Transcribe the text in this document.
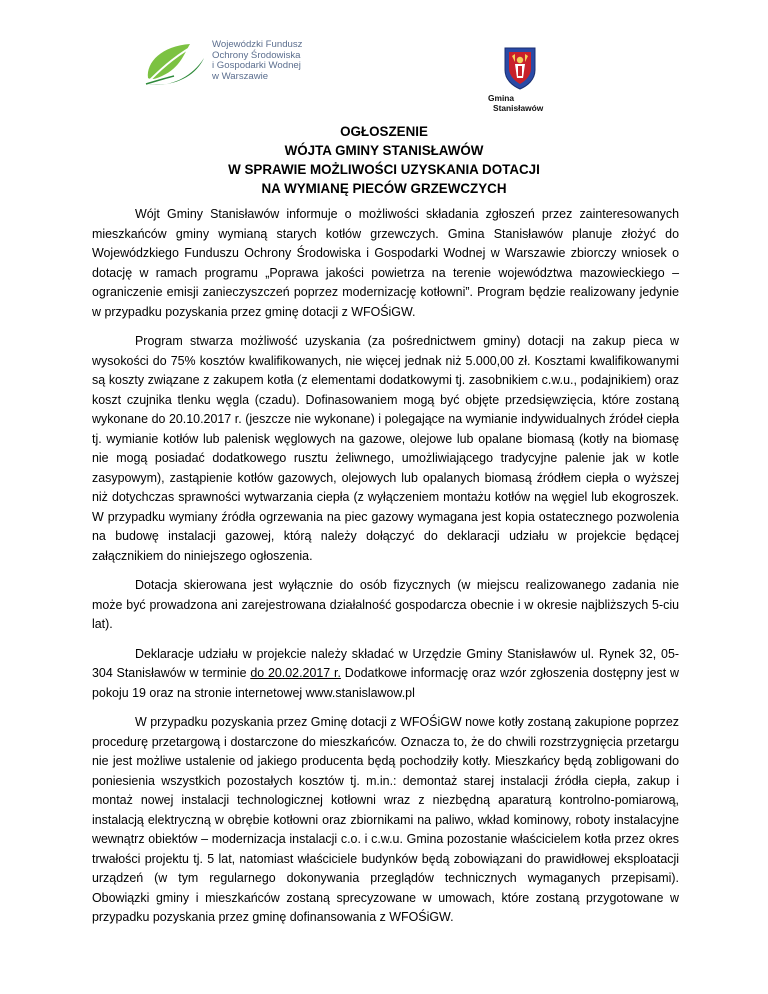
Wojewódzki Fundusz
Ochrony Środowiska
i Gospodarki Wodnej
w Warszawie
Gmina
Stanisławów
OGŁOSZENIE
WÓJTA GMINY STANISŁAWÓW
W SPRAWIE MOŻLIWOŚCI UZYSKANIA DOTACJI
NA WYMIANĘ PIECÓW GRZEWCZYCH

Wójt Gminy Stanisławów informuje o możliwości składania zgłoszeń przez zainteresowanych mieszkańców gminy wymianą starych kotłów grzewczych. Gmina Stanisławów planuje złożyć do Wojewódzkiego Funduszu Ochrony Środowiska i Gospodarki Wodnej w Warszawie zbiorczy wniosek o dotację w ramach programu „Poprawa jakości powietrza na terenie województwa mazowieckiego – ograniczenie emisji zanieczyszczeń poprzez modernizację kotłowni”. Program będzie realizowany jedynie w przypadku pozyskania przez gminę dotacji z WFOŚiGW.

Program stwarza możliwość uzyskania (za pośrednictwem gminy) dotacji na zakup pieca w wysokości do 75% kosztów kwalifikowanych, nie więcej jednak niż 5.000,00 zł. Kosztami kwalifikowanymi są koszty związane z zakupem kotła (z elementami dodatkowymi tj. zasobnikiem c.w.u., podajnikiem) oraz koszt czujnika tlenku węgla (czadu). Dofinasowaniem mogą być objęte przedsięwzięcia, które zostaną wykonane do 20.10.2017 r. (jeszcze nie wykonane) i polegające na wymianie indywidualnych źródeł ciepła tj. wymianie kotłów lub palenisk węglowych na gazowe, olejowe lub opalane biomasą (kotły na biomasę nie mogą posiadać dodatkowego rusztu żeliwnego, umożliwiającego tradycyjne palenie jak w kotle zasypowym), zastąpienie kotłów gazowych, olejowych lub opalanych biomasą źródłem ciepła o wyższej niż dotychczas sprawności wytwarzania ciepła (z wyłączeniem montażu kotłów na węgiel lub ekogroszek. W przypadku wymiany źródła ogrzewania na piec gazowy wymagana jest kopia ostatecznego pozwolenia na budowę instalacji gazowej, którą należy dołączyć do deklaracji udziału w projekcie będącej załącznikiem do niniejszego ogłoszenia.

Dotacja skierowana jest wyłącznie do osób fizycznych (w miejscu realizowanego zadania nie może być prowadzona ani zarejestrowana działalność gospodarcza obecnie i w okresie najbliższych 5-ciu lat).

Deklaracje udziału w projekcie należy składać w Urzędzie Gminy Stanisławów ul. Rynek 32, 05-304 Stanisławów w terminie do 20.02.2017 r. Dodatkowe informację oraz wzór zgłoszenia dostępny jest w pokoju 19 oraz na stronie internetowej www.stanislawow.pl

W przypadku pozyskania przez Gminę dotacji z WFOŚiGW nowe kotły zostaną zakupione poprzez procedurę przetargową i dostarczone do mieszkańców. Oznacza to, że do chwili rozstrzygnięcia przetargu nie jest możliwe ustalenie od jakiego producenta będą pochodziły kotły. Mieszkańcy będą zobligowani do poniesienia wszystkich pozostałych kosztów tj. m.in.: demontaż starej instalacji źródła ciepła, zakup i montaż nowej instalacji technologicznej kotłowni wraz z niezbędną aparaturą kontrolno-pomiarową, instalacją elektryczną w obrębie kotłowni oraz zbiornikami na paliwo, wkład kominowy, roboty instalacyjne wewnątrz obiektów – modernizacja instalacji c.o. i c.w.u. Gmina pozostanie właścicielem kotła przez okres trwałości projektu tj. 5 lat, natomiast właściciele budynków będą zobowiązani do prawidłowej eksploatacji urządzeń (w tym regularnego dokonywania przeglądów technicznych wymaganych przepisami). Obowiązki gminy i mieszkańców zostaną sprecyzowane w umowach, które zostaną przygotowane w przypadku pozyskania przez gminę dofinansowania z WFOŚiGW.
